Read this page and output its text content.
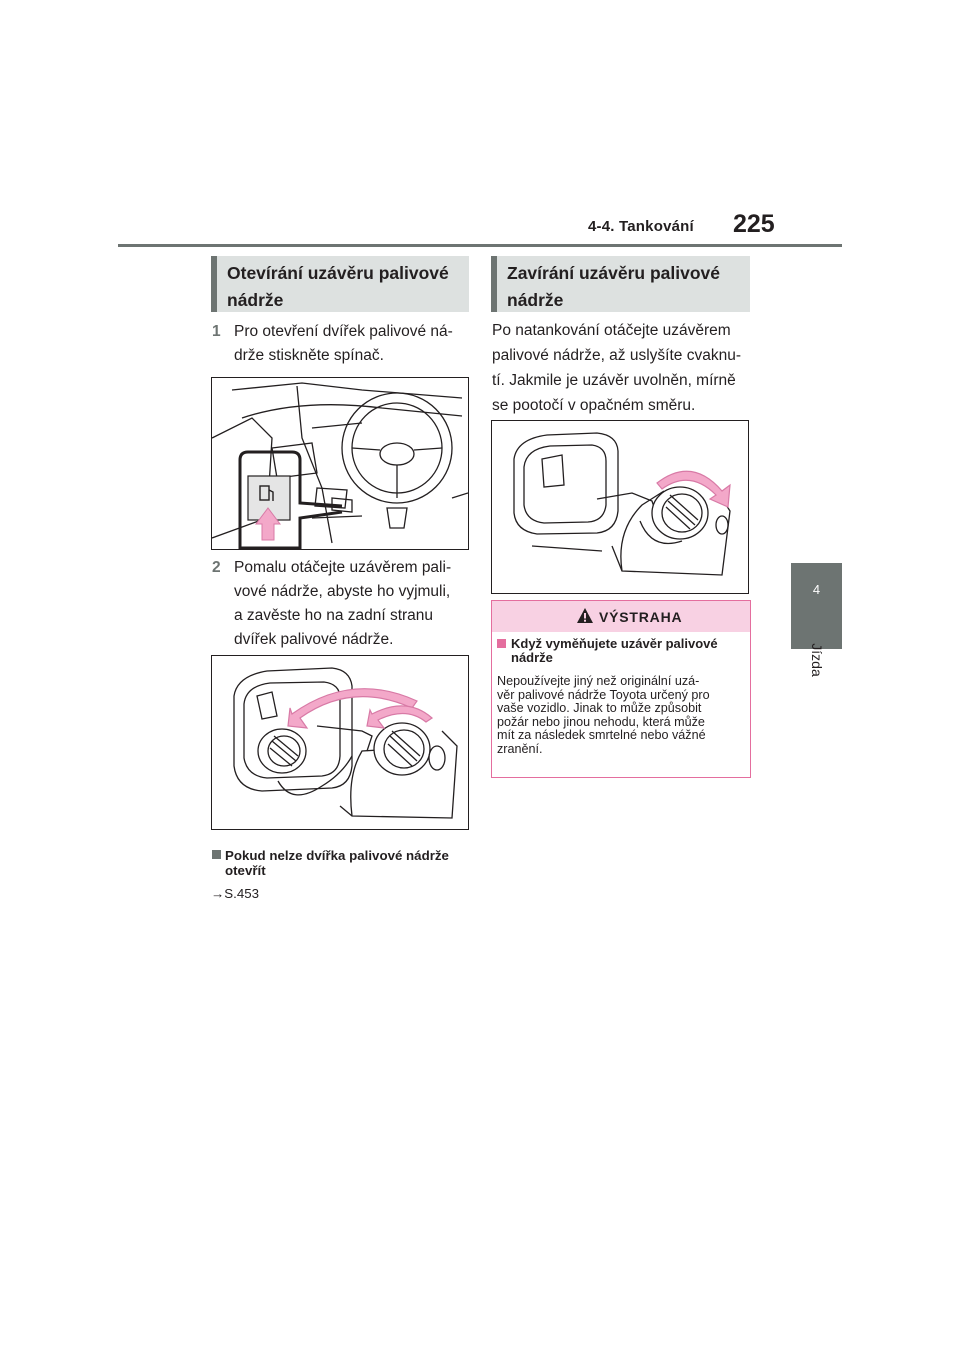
4-4. Tankování 225
4
Jízda
Otevírání uzávěru palivové
nádrže
1 Pro otevření dvířek palivové ná-
drže stiskněte spínač.
2 Pomalu otáčejte uzávěrem pali-
vové nádrže, abyste ho vyjmuli,
a zavěste ho na zadní stranu
dvířek palivové nádrže.
Pokud nelze dvířka palivové nádrže
otevřít
→S.453
Zavírání uzávěru palivové
nádrže
Po natankování otáčejte uzávěrem
palivové nádrže, až uslyšíte cvaknu-
tí. Jakmile je uzávěr uvolněn, mírně
se pootočí v opačném směru.
VÝSTRAHA
Když vyměňujete uzávěr palivové
nádrže
Nepoužívejte jiný než originální uzá-
věr palivové nádrže Toyota určený pro
vaše vozidlo. Jinak to může způsobit
požár nebo jinou nehodu, která může
mít za následek smrtelné nebo vážné
zranění.
